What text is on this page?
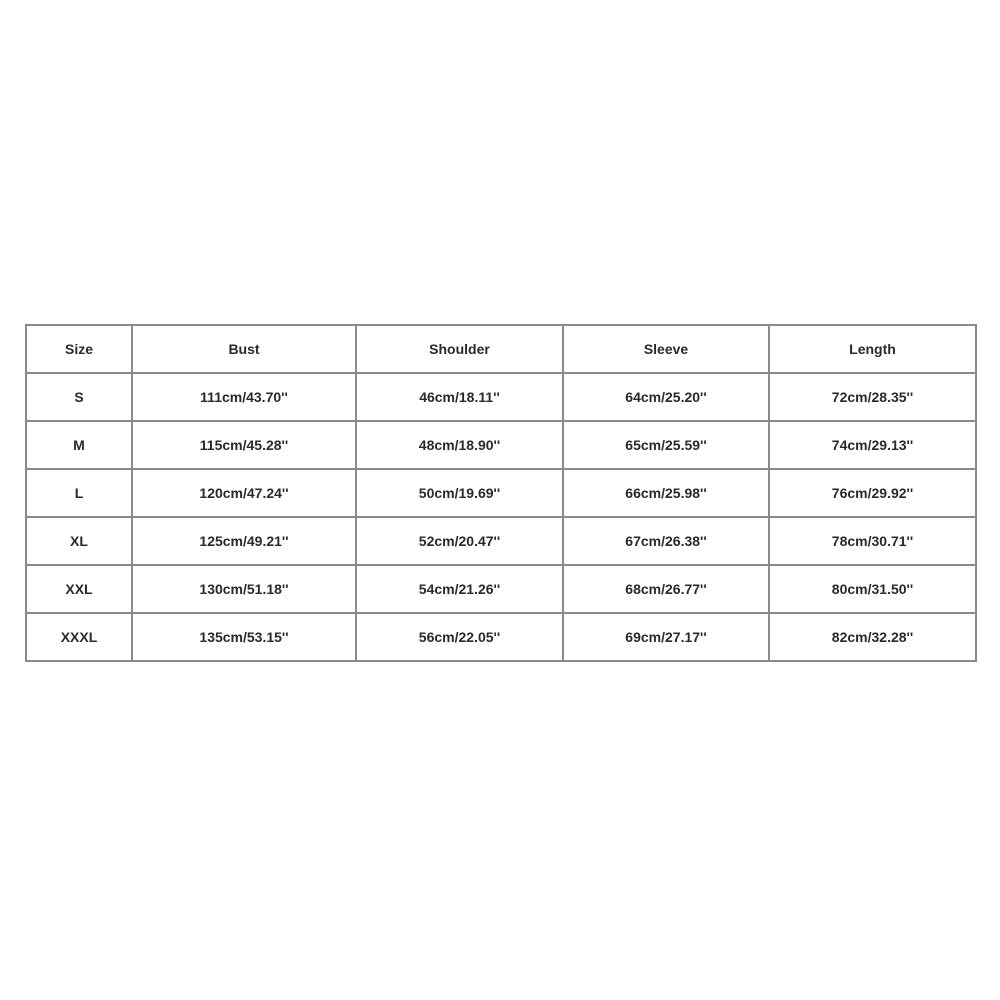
Size	Bust	Shoulder	Sleeve	Length
S	111cm/43.70''	46cm/18.11''	64cm/25.20''	72cm/28.35''
M	115cm/45.28''	48cm/18.90''	65cm/25.59''	74cm/29.13''
L	120cm/47.24''	50cm/19.69''	66cm/25.98''	76cm/29.92''
XL	125cm/49.21''	52cm/20.47''	67cm/26.38''	78cm/30.71''
XXL	130cm/51.18''	54cm/21.26''	68cm/26.77''	80cm/31.50''
XXXL	135cm/53.15''	56cm/22.05''	69cm/27.17''	82cm/32.28''
